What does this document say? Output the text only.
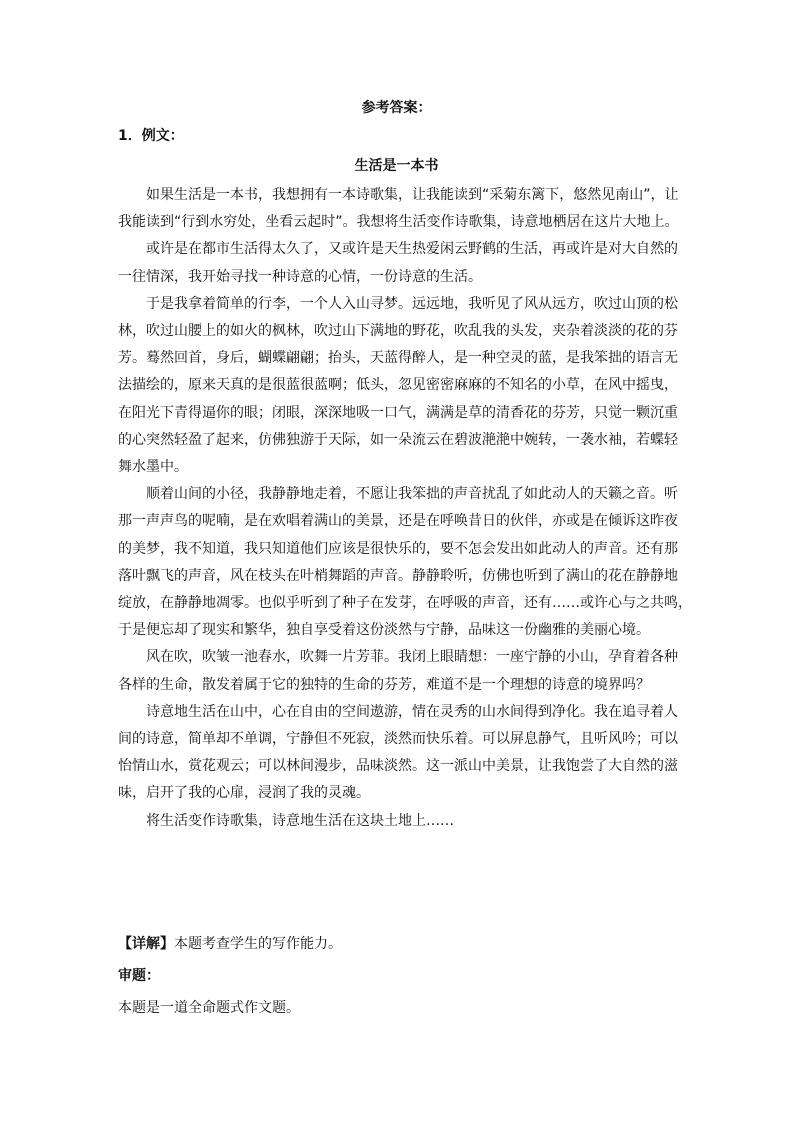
参考答案：
1．例文：
生活是一本书

如果生活是一本书，我想拥有一本诗歌集，让我能读到“采菊东篱下，悠然见南山”，让
我能读到“行到水穷处，坐看云起时”。我想将生活变作诗歌集，诗意地栖居在这片大地上。

或许是在都市生活得太久了，又或许是天生热爱闲云野鹤的生活，再或许是对大自然的
一往情深，我开始寻找一种诗意的心情，一份诗意的生活。

于是我拿着简单的行李，一个人入山寻梦。远远地，我听见了风从远方，吹过山顶的松
林，吹过山腰上的如火的枫林，吹过山下满地的野花，吹乱我的头发，夹杂着淡淡的花的芬
芳。蓦然回首，身后，蝴蝶翩翩；抬头，天蓝得醉人，是一种空灵的蓝，是我笨拙的语言无
法描绘的，原来天真的是很蓝很蓝啊；低头，忽见密密麻麻的不知名的小草，在风中摇曳，
在阳光下青得逼你的眼；闭眼，深深地吸一口气，满满是草的清香花的芬芳，只觉一颗沉重
的心突然轻盈了起来，仿佛独游于天际，如一朵流云在碧波滟滟中婉转，一袭水袖，若蝶轻
舞水墨中。

顺着山间的小径，我静静地走着，不愿让我笨拙的声音扰乱了如此动人的天籁之音。听
那一声声鸟的呢喃，是在欢唱着满山的美景，还是在呼唤昔日的伙伴，亦或是在倾诉这昨夜
的美梦，我不知道，我只知道他们应该是很快乐的，要不怎会发出如此动人的声音。还有那
落叶飘飞的声音，风在枝头在叶梢舞蹈的声音。静静聆听，仿佛也听到了满山的花在静静地
绽放，在静静地凋零。也似乎听到了种子在发芽，在呼吸的声音，还有……或许心与之共鸣，
于是便忘却了现实和繁华，独自享受着这份淡然与宁静，品味这一份幽雅的美丽心境。

风在吹，吹皱一池春水，吹舞一片芳菲。我闭上眼睛想：一座宁静的小山，孕育着各种
各样的生命，散发着属于它的独特的生命的芬芳，难道不是一个理想的诗意的境界吗？

诗意地生活在山中，心在自由的空间遨游，情在灵秀的山水间得到净化。我在追寻着人
间的诗意，简单却不单调，宁静但不死寂，淡然而快乐着。可以屏息静气，且听风吟；可以
怡情山水，赏花观云；可以林间漫步，品味淡然。这一派山中美景，让我饱尝了大自然的滋
味，启开了我的心扉，浸润了我的灵魂。

将生活变作诗歌集，诗意地生活在这块土地上……

【详解】本题考查学生的写作能力。
审题：
本题是一道全命题式作文题。
